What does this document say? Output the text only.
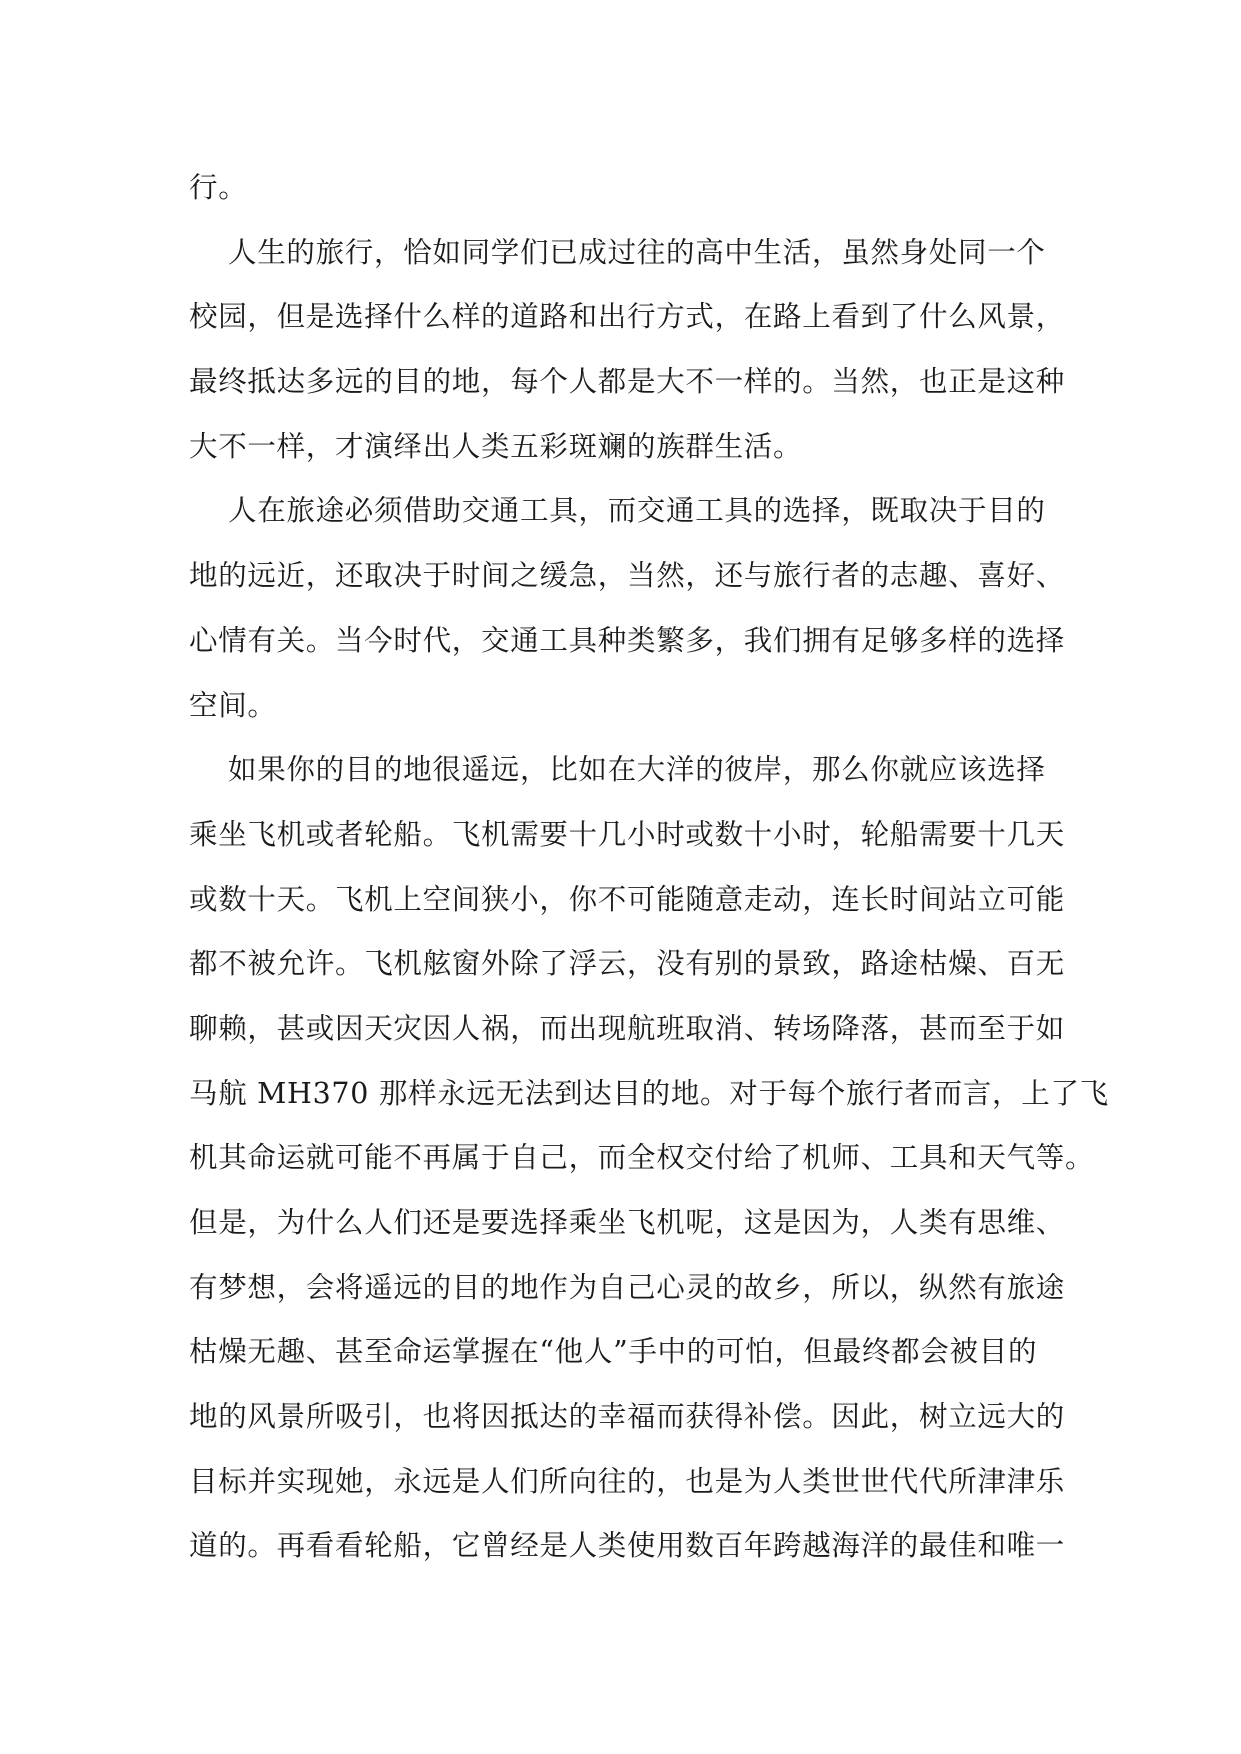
行。
人生的旅行，恰如同学们已成过往的高中生活，虽然身处同一个
校园，但是选择什么样的道路和出行方式，在路上看到了什么风景，
最终抵达多远的目的地，每个人都是大不一样的。当然，也正是这种
大不一样，才演绎出人类五彩斑斓的族群生活。
人在旅途必须借助交通工具，而交通工具的选择，既取决于目的
地的远近，还取决于时间之缓急，当然，还与旅行者的志趣、喜好、
心情有关。当今时代，交通工具种类繁多，我们拥有足够多样的选择
空间。
如果你的目的地很遥远，比如在大洋的彼岸，那么你就应该选择
乘坐飞机或者轮船。飞机需要十几小时或数十小时，轮船需要十几天
或数十天。飞机上空间狭小，你不可能随意走动，连长时间站立可能
都不被允许。飞机舷窗外除了浮云，没有别的景致，路途枯燥、百无
聊赖，甚或因天灾因人祸，而出现航班取消、转场降落，甚而至于如
马航 MH370 那样永远无法到达目的地。对于每个旅行者而言，上了飞
机其命运就可能不再属于自己，而全权交付给了机师、工具和天气等。
但是，为什么人们还是要选择乘坐飞机呢，这是因为，人类有思维、
有梦想，会将遥远的目的地作为自己心灵的故乡，所以，纵然有旅途
枯燥无趣、甚至命运掌握在“他人”手中的可怕，但最终都会被目的
地的风景所吸引，也将因抵达的幸福而获得补偿。因此，树立远大的
目标并实现她，永远是人们所向往的，也是为人类世世代代所津津乐
道的。再看看轮船，它曾经是人类使用数百年跨越海洋的最佳和唯一
